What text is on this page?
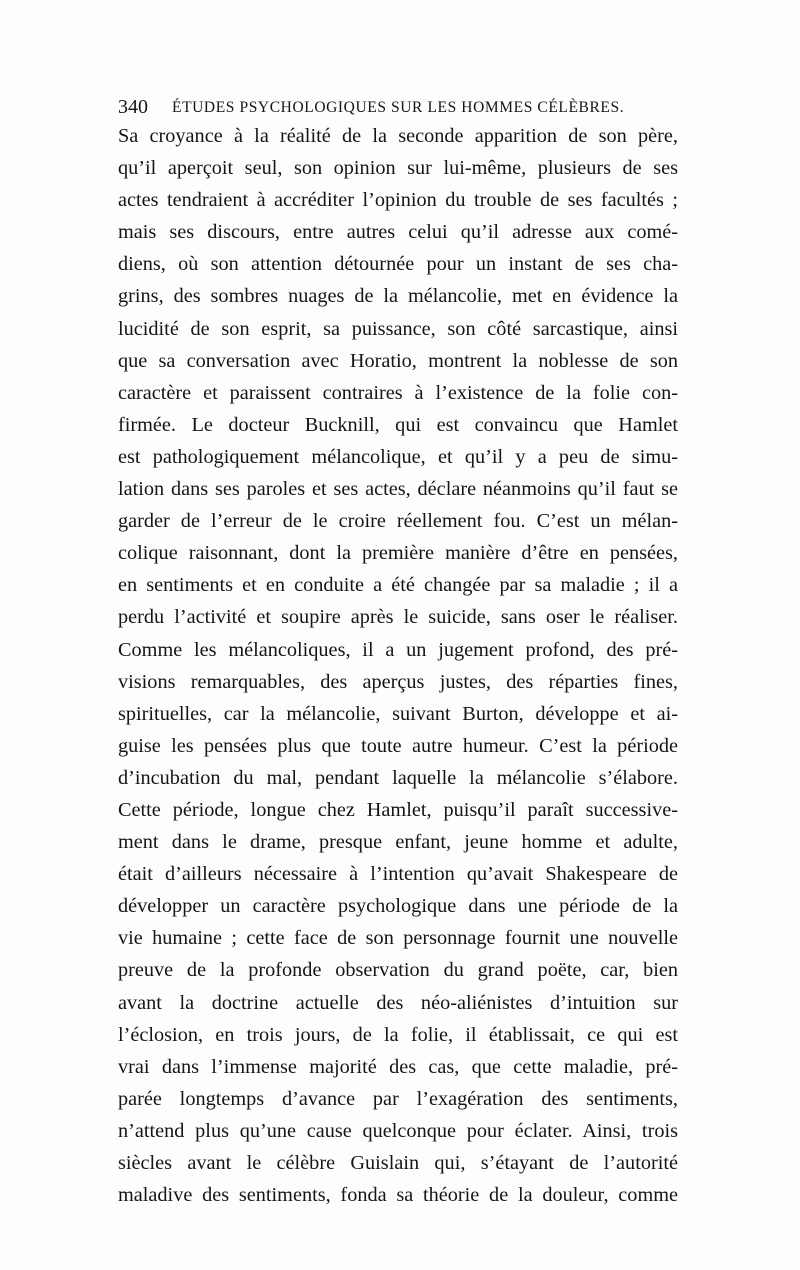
340 ÉTUDES PSYCHOLOGIQUES SUR LES HOMMES CÉLÈBRES.
Sa croyance à la réalité de la seconde apparition de son père,
qu’il aperçoit seul, son opinion sur lui-même, plusieurs de ses
actes tendraient à accréditer l’opinion du trouble de ses facultés ;
mais ses discours, entre autres celui qu’il adresse aux comé-
diens, où son attention détournée pour un instant de ses cha-
grins, des sombres nuages de la mélancolie, met en évidence la
lucidité de son esprit, sa puissance, son côté sarcastique, ainsi
que sa conversation avec Horatio, montrent la noblesse de son
caractère et paraissent contraires à l’existence de la folie con-
firmée. Le docteur Bucknill, qui est convaincu que Hamlet
est pathologiquement mélancolique, et qu’il y a peu de simu-
lation dans ses paroles et ses actes, déclare néanmoins qu’il faut se
garder de l’erreur de le croire réellement fou. C’est un mélan-
colique raisonnant, dont la première manière d’être en pensées,
en sentiments et en conduite a été changée par sa maladie ; il a
perdu l’activité et soupire après le suicide, sans oser le réaliser.
Comme les mélancoliques, il a un jugement profond, des pré-
visions remarquables, des aperçus justes, des réparties fines,
spirituelles, car la mélancolie, suivant Burton, développe et ai-
guise les pensées plus que toute autre humeur. C’est la période
d’incubation du mal, pendant laquelle la mélancolie s’élabore.
Cette période, longue chez Hamlet, puisqu’il paraît successive-
ment dans le drame, presque enfant, jeune homme et adulte,
était d’ailleurs nécessaire à l’intention qu’avait Shakespeare de
développer un caractère psychologique dans une période de la
vie humaine ; cette face de son personnage fournit une nouvelle
preuve de la profonde observation du grand poëte, car, bien
avant la doctrine actuelle des néo-aliénistes d’intuition sur
l’éclosion, en trois jours, de la folie, il établissait, ce qui est
vrai dans l’immense majorité des cas, que cette maladie, pré-
parée longtemps d’avance par l’exagération des sentiments,
n’attend plus qu’une cause quelconque pour éclater. Ainsi, trois
siècles avant le célèbre Guislain qui, s’étayant de l’autorité
maladive des sentiments, fonda sa théorie de la douleur, comme
